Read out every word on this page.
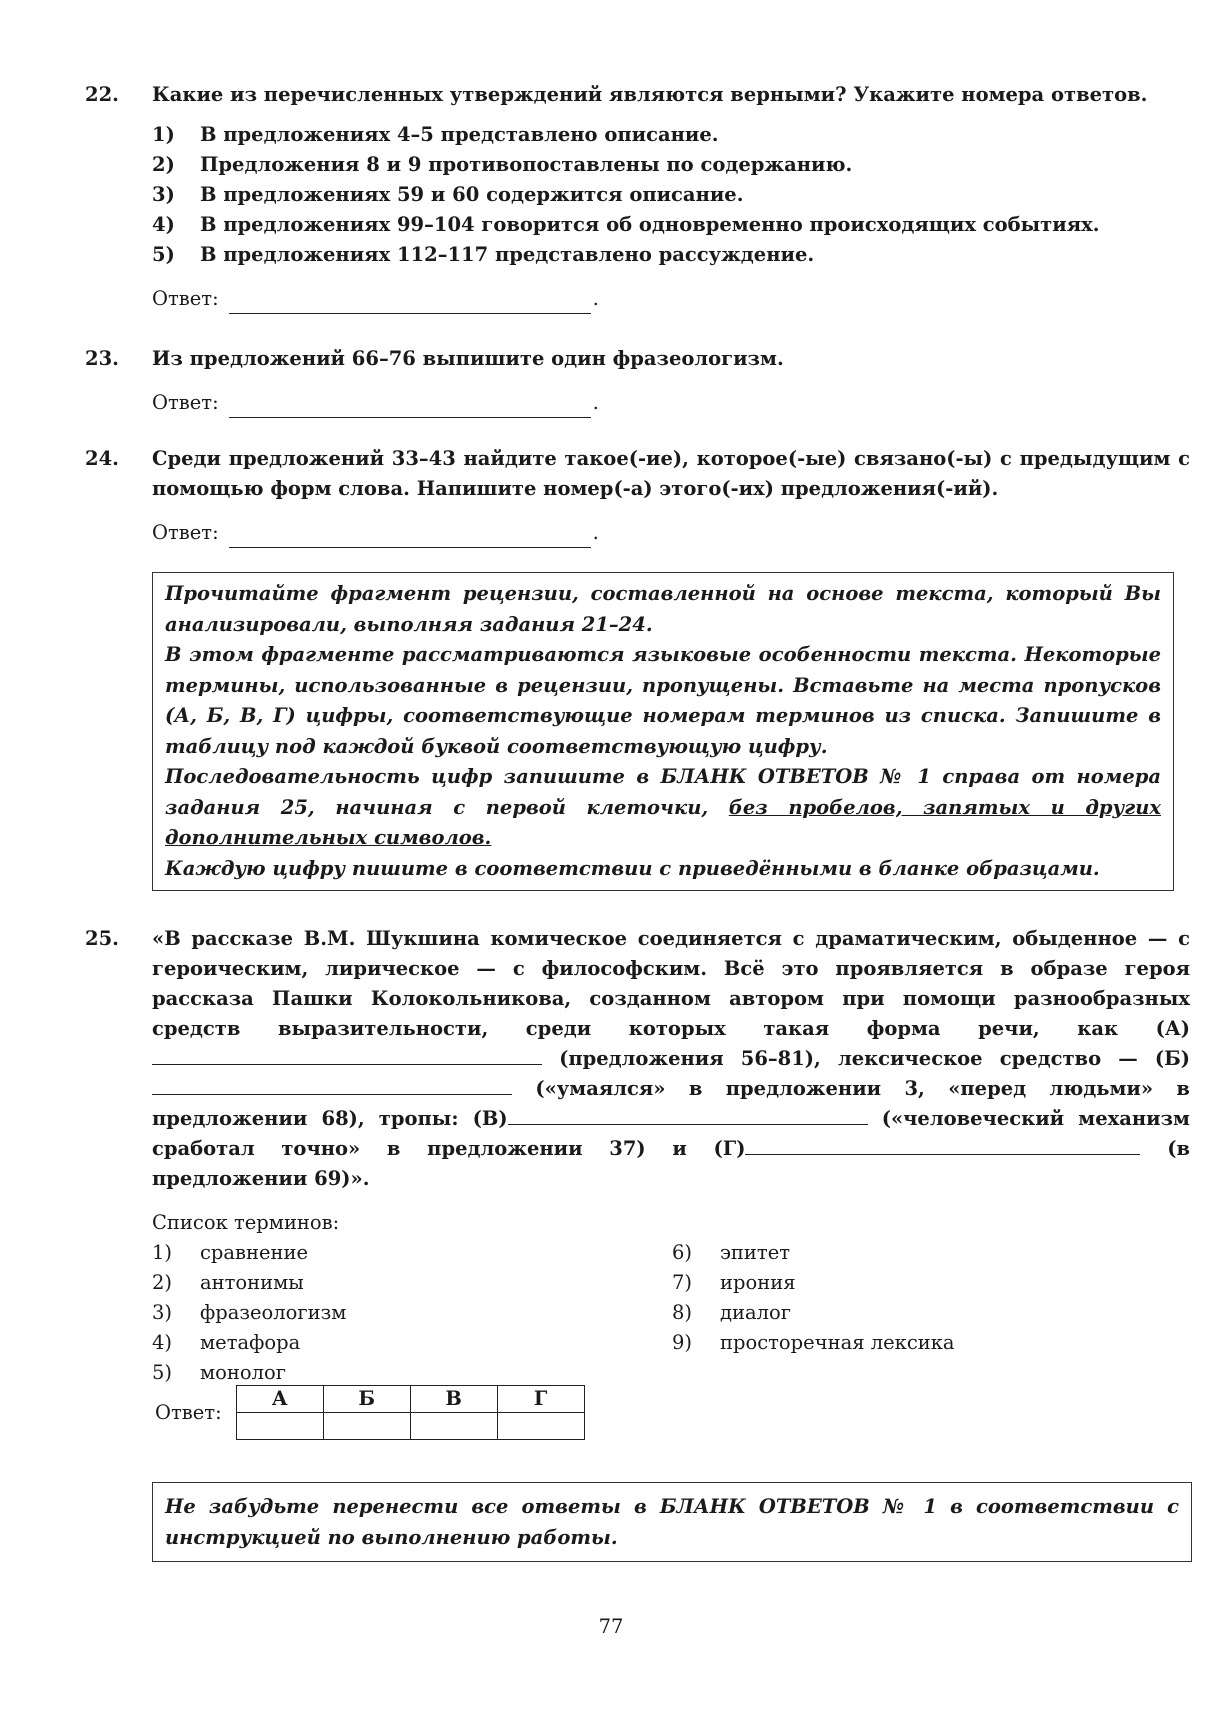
22.	Какие из перечисленных утверждений являются верными? Укажите номера ответов.
1)	В предложениях 4–5 представлено описание.
2)	Предложения 8 и 9 противопоставлены по содержанию.
3)	В предложениях 59 и 60 содержится описание.
4)	В предложениях 99–104 говорится об одновременно происходящих событиях.
5)	В предложениях 112–117 представлено рассуждение.
Ответ:	.
23.	Из предложений 66–76 выпишите один фразеологизм.
Ответ:	.
24.	Среди предложений 33–43 найдите такое(-ие), которое(-ые) связано(-ы) с предыдущим с помощью форм слова. Напишите номер(-а) этого(-их) предложения(-ий).
Ответ:	.

Прочитайте фрагмент рецензии, составленной на основе текста, который Вы анализировали, выполняя задания 21–24.

В этом фрагменте рассматриваются языковые особенности текста. Некоторые термины, использованные в рецензии, пропущены. Вставьте на места пропусков (А, Б, В, Г) цифры, соответствующие номерам терминов из списка. Запишите в таблицу под каждой буквой соответствующую цифру.

Последовательность цифр запишите в БЛАНК ОТВЕТОВ № 1 справа от номера задания 25, начиная с первой клеточки, без пробелов, запятых и других дополнительных символов.

Каждую цифру пишите в соответствии с приведёнными в бланке образцами.

25.	«В рассказе В.М. Шукшина комическое соединяется с драматическим, обыденное — с героическим, лирическое — с философским. Всё это проявляется в образе героя рассказа Пашки Колокольникова, созданном автором при помощи разнообразных средств выразительности, среди которых такая форма речи, как (А) (предложения 56–81), лексическое средство — (Б) («умаялся» в предложении 3, «перед людьми» в предложении 68), тропы: (В)	(«человеческий механизм сработал точно» в предложении 37) и (Г)	(в предложении 69)».
Список терминов:
1)	сравнение
2)	антонимы
3)	фразеологизм
4)	метафора
5)	монолог
6)	эпитет
7)	ирония
8)	диалог
9)	просторечная лексика
Ответ:
А	Б	В	Г

Не забудьте перенести все ответы в БЛАНК ОТВЕТОВ № 1 в соответствии с инструкцией по выполнению работы.
77
